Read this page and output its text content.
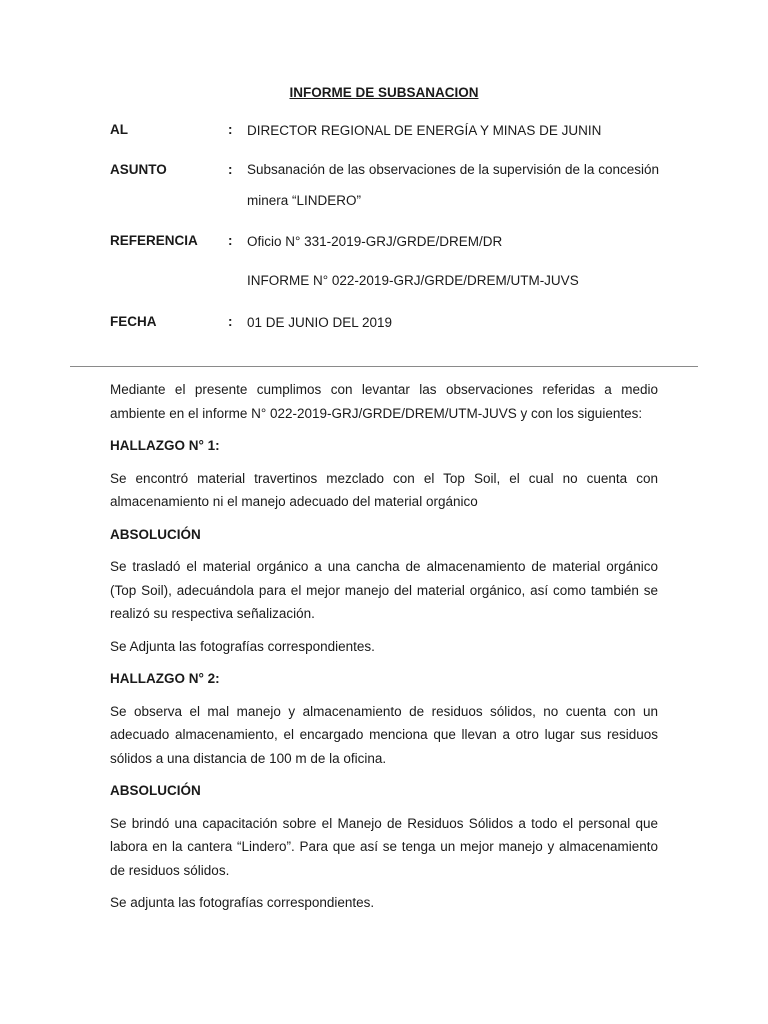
INFORME DE SUBSANACION
AL	: DIRECTOR REGIONAL DE ENERGÍA Y MINAS DE JUNIN
ASUNTO	: Subsanación de las observaciones de la supervisión de la concesión minera “LINDERO”
REFERENCIA : Oficio N° 331-2019-GRJ/GRDE/DREM/DR
INFORME N° 022-2019-GRJ/GRDE/DREM/UTM-JUVS
FECHA	: 01 DE JUNIO DEL 2019

Mediante el presente cumplimos con levantar las observaciones referidas a medio ambiente en el informe N° 022-2019-GRJ/GRDE/DREM/UTM-JUVS y con los siguientes:

HALLAZGO N° 1:

Se encontró material travertinos mezclado con el Top Soil, el cual no cuenta con almacenamiento ni el manejo adecuado del material orgánico

ABSOLUCIÓN

Se trasladó el material orgánico a una cancha de almacenamiento de material orgánico (Top Soil), adecuándola para el mejor manejo del material orgánico, así como también se realizó su respectiva señalización.

Se Adjunta las fotografías correspondientes.

HALLAZGO N° 2:

Se observa el mal manejo y almacenamiento de residuos sólidos, no cuenta con un adecuado almacenamiento, el encargado menciona que llevan a otro lugar sus residuos sólidos a una distancia de 100 m de la oficina.

ABSOLUCIÓN

Se brindó una capacitación sobre el Manejo de Residuos Sólidos a todo el personal que labora en la cantera “Lindero”. Para que así se tenga un mejor manejo y almacenamiento de residuos sólidos.

Se adjunta las fotografías correspondientes.
